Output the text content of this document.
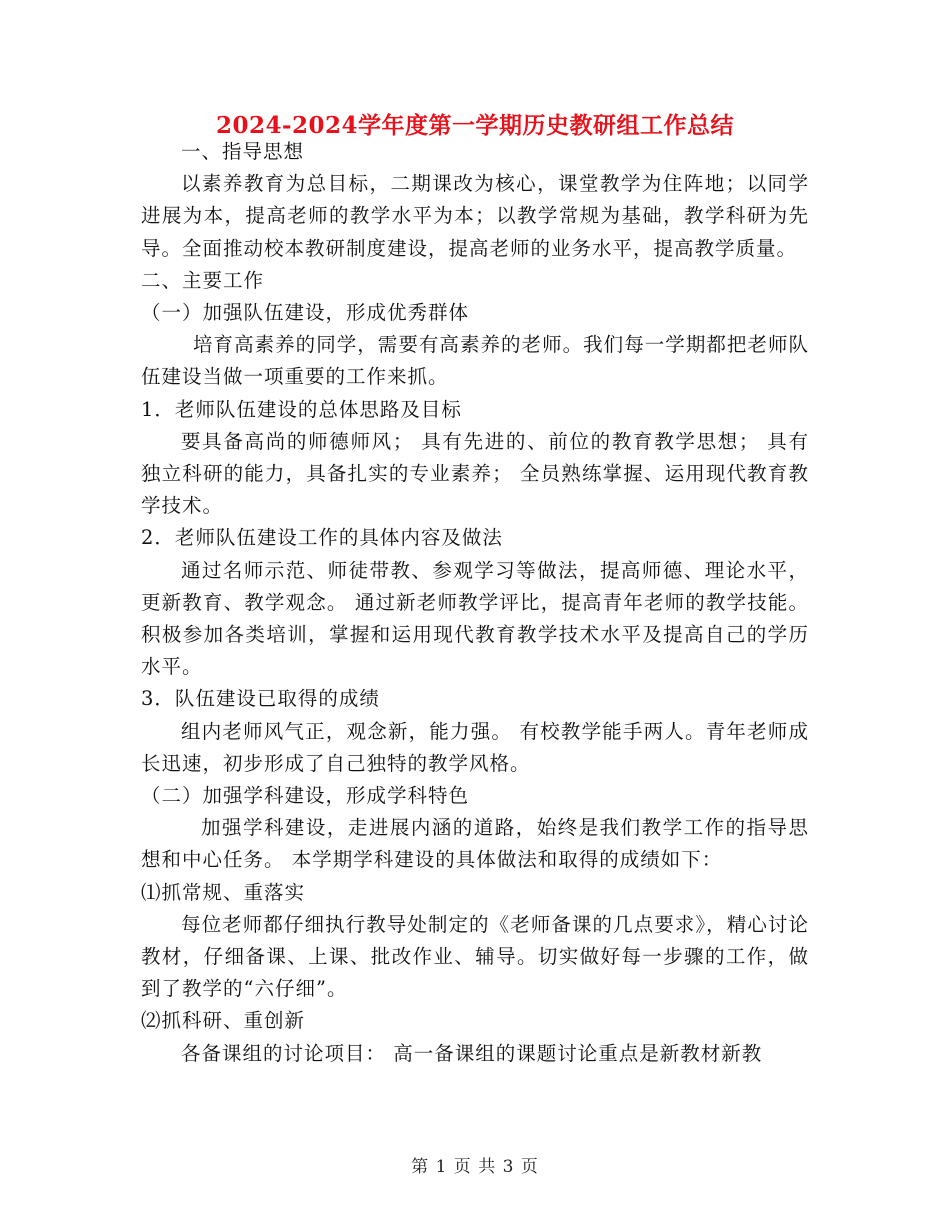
2024-2024学年度第一学期历史教研组工作总结

一、指导思想

以素养教育为总目标，二期课改为核心，课堂教学为住阵地；以同学进展为本，提高老师的教学水平为本；以教学常规为基础，教学科研为先导。全面推动校本教研制度建设，提高老师的业务水平，提高教学质量。

二、主要工作

（一）加强队伍建设，形成优秀群体

培育高素养的同学，需要有高素养的老师。我们每一学期都把老师队伍建设当做一项重要的工作来抓。

1．老师队伍建设的总体思路及目标

要具备高尚的师德师风； 具有先进的、前位的教育教学思想； 具有独立科研的能力，具备扎实的专业素养； 全员熟练掌握、运用现代教育教学技术。

2．老师队伍建设工作的具体内容及做法

通过名师示范、师徒带教、参观学习等做法，提高师德、理论水平，更新教育、教学观念。 通过新老师教学评比，提高青年老师的教学技能。 积极参加各类培训，掌握和运用现代教育教学技术水平及提高自己的学历水平。

3．队伍建设已取得的成绩

组内老师风气正，观念新，能力强。 有校教学能手两人。青年老师成长迅速，初步形成了自己独特的教学风格。

（二）加强学科建设，形成学科特色

加强学科建设，走进展内涵的道路，始终是我们教学工作的指导思想和中心任务。 本学期学科建设的具体做法和取得的成绩如下：

⑴抓常规、重落实

每位老师都仔细执行教导处制定的《老师备课的几点要求》，精心讨论教材，仔细备课、上课、批改作业、辅导。切实做好每一步骤的工作，做到了教学的“六仔细”。

⑵抓科研、重创新

各备课组的讨论项目： 高一备课组的课题讨论重点是新教材新教

第 1 页 共 3 页
